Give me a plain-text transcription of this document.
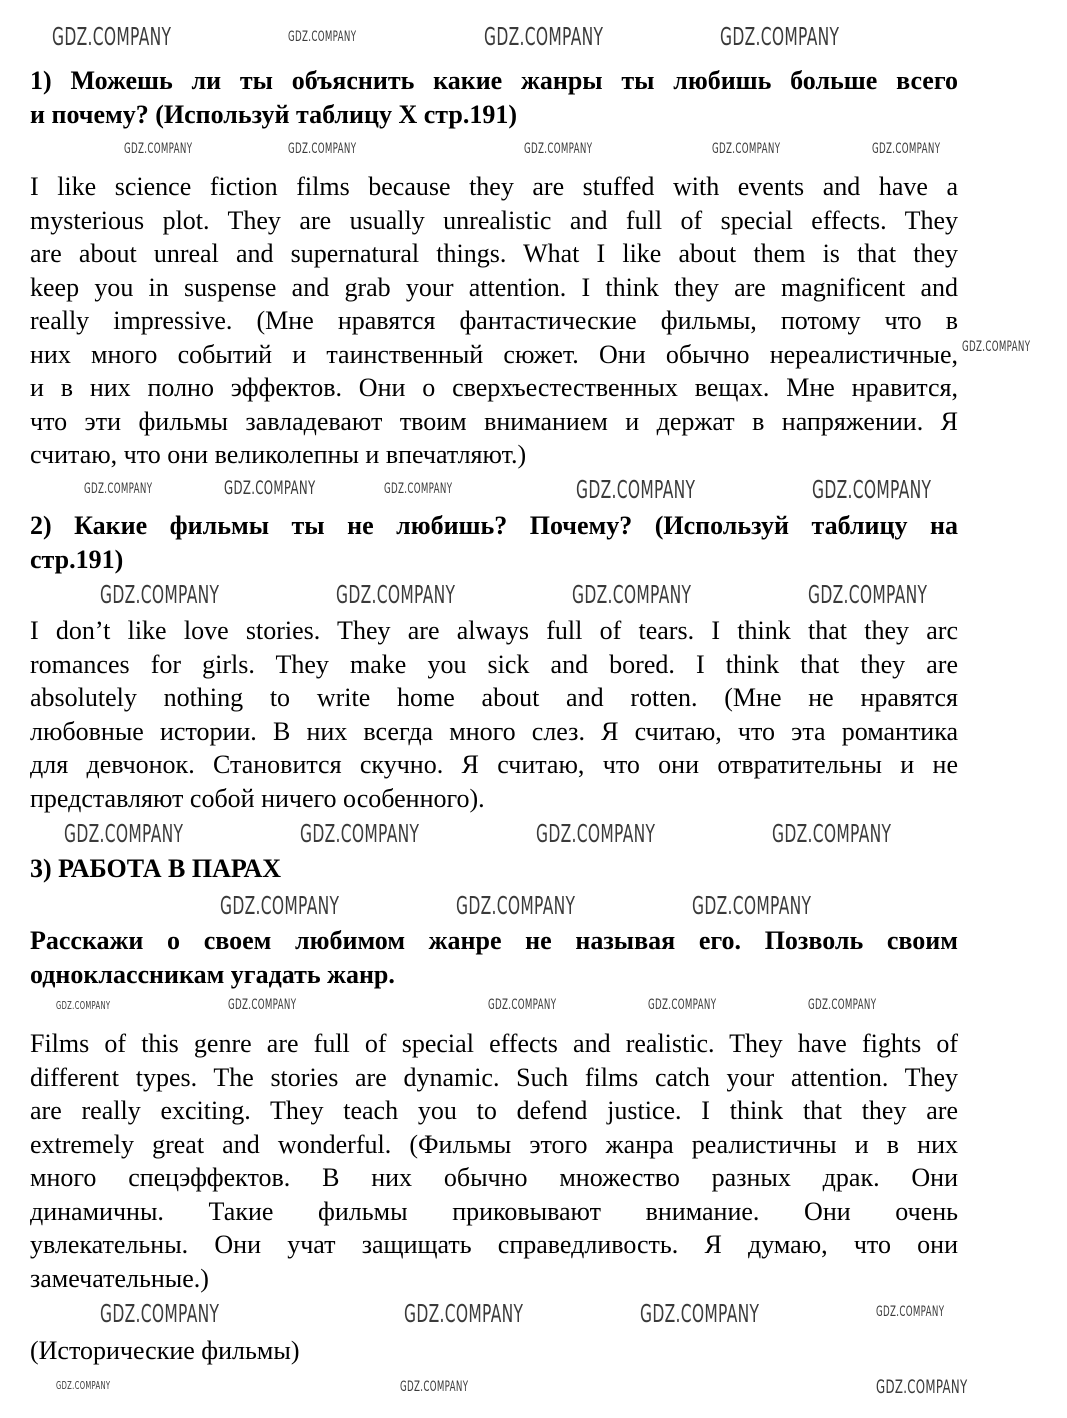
1) Можешь ли ты объяснить какие жанры ты любишь больше всего
и почему? (Используй таблицу X стр.191)
I like science fiction films because they are stuffed with events and have a
mysterious plot. They are usually unrealistic and full of special effects. They
are about unreal and supernatural things. What I like about them is that they
keep you in suspense and grab your attention. I think they are magnificent and
really impressive. (Мне нравятся фантастические фильмы, потому что в
них много событий и таинственный сюжет. Они обычно нереалистичные,
и в них полно эффектов. Они о сверхъестественных вещах. Мне нравится,
что эти фильмы завладевают твоим вниманием и держат в напряжении. Я
считаю, что они великолепны и впечатляют.)
2) Какие фильмы ты не любишь? Почему? (Используй таблицу на
стр.191)
I don’t like love stories. They are always full of tears. I think that they arc
romances for girls. They make you sick and bored. I think that they are
absolutely nothing to write home about and rotten. (Мне не нравятся
любовные истории. В них всегда много слез. Я считаю, что эта романтика
для девчонок. Становится скучно. Я считаю, что они отвратительны и не
представляют собой ничего особенного).
3) РАБОТА В ПАРАХ
Расскажи о своем любимом жанре не называя его. Позволь своим
одноклассникам угадать жанр.
Films of this genre are full of special effects and realistic. They have fights of
different types. The stories are dynamic. Such films catch your attention. They
are really exciting. They teach you to defend justice. I think that they are
extremely great and wonderful. (Фильмы этого жанра реалистичны и в них
много спецэффектов. В них обычно множество разных драк. Они
динамичны. Такие фильмы приковывают внимание. Они очень
увлекательны. Они учат защищать справедливость. Я думаю, что они
замечательные.)
(Исторические фильмы)
GDZ.COMPANY	GDZ.COMPANY	GDZ.COMPANY	GDZ.COMPANY
GDZ.COMPANY	GDZ.COMPANY	GDZ.COMPANY	GDZ.COMPANY	GDZ.COMPANY
GDZ.COMPANY
GDZ.COMPANY	GDZ.COMPANY	GDZ.COMPANY	GDZ.COMPANY	GDZ.COMPANY
GDZ.COMPANY	GDZ.COMPANY	GDZ.COMPANY	GDZ.COMPANY
GDZ.COMPANY	GDZ.COMPANY	GDZ.COMPANY	GDZ.COMPANY
GDZ.COMPANY	GDZ.COMPANY	GDZ.COMPANY
GDZ.COMPANY	GDZ.COMPANY	GDZ.COMPANY	GDZ.COMPANY	GDZ.COMPANY
GDZ.COMPANY	GDZ.COMPANY	GDZ.COMPANY	GDZ.COMPANY
GDZ.COMPANY	GDZ.COMPANY	GDZ.COMPANY
